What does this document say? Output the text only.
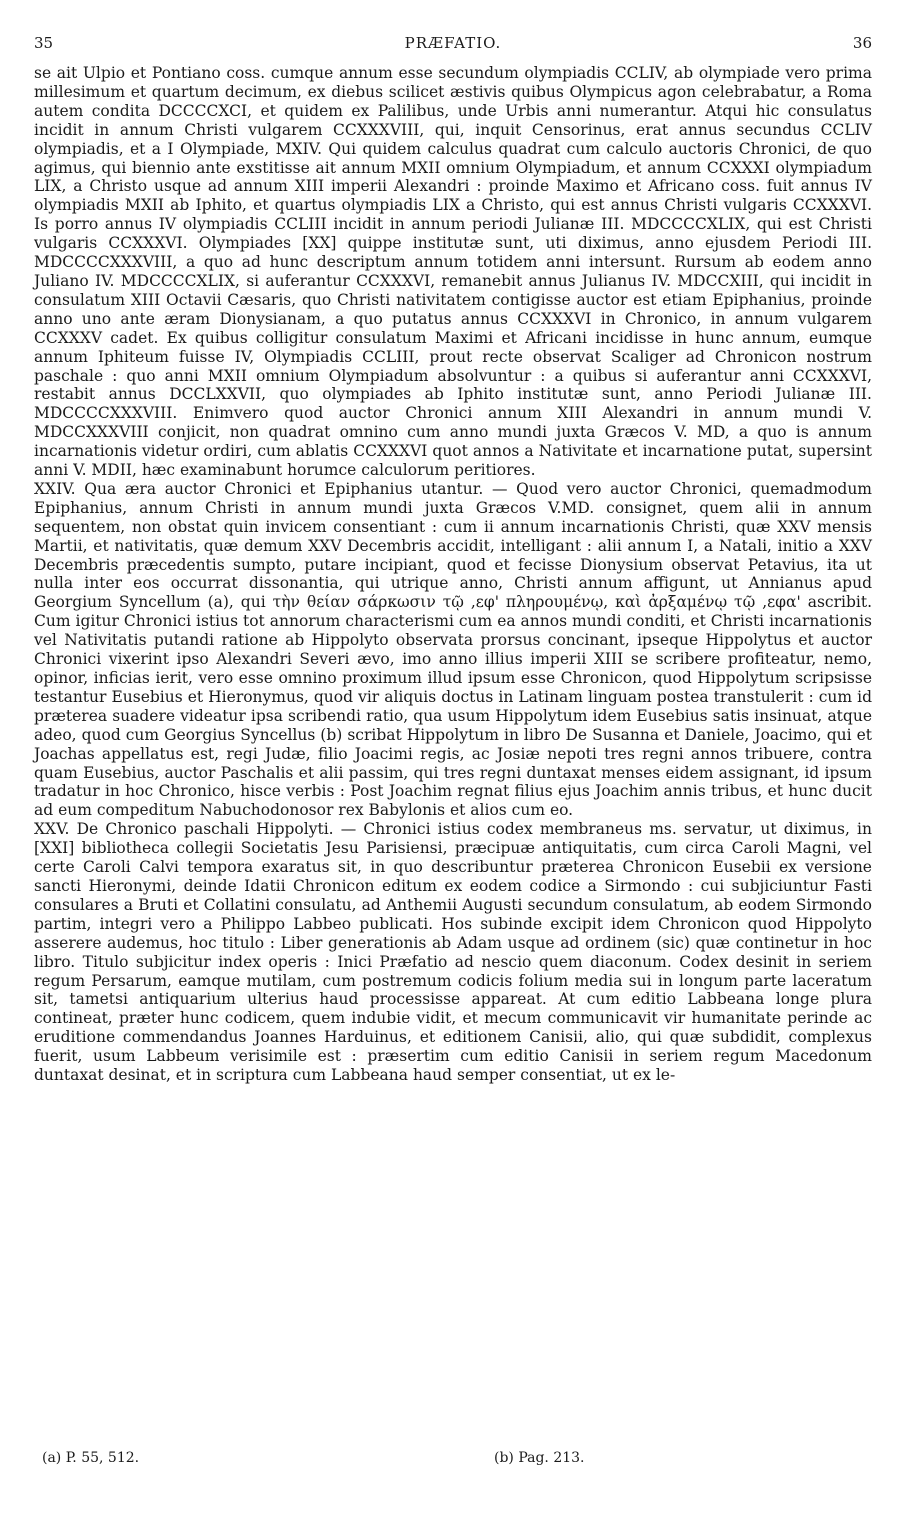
35	PRÆFATIO.	36

se ait Ulpio et Pontiano coss. cumque annum esse secundum olympiadis CCLIV, ab olympiade vero prima millesimum et quartum decimum, ex diebus scilicet æstivis quibus Olympicus agon celebrabatur, a Roma autem condita DCCCCXCI, et quidem ex Palilibus, unde Urbis anni numerantur. Atqui hic consulatus incidit in annum Christi vulgarem CCXXXVIII, qui, inquit Censorinus, erat annus secundus CCLIV olympiadis, et a I Olympiade, MXIV. Qui quidem calculus quadrat cum calculo auctoris Chronici, de quo agimus, qui biennio ante exstitisse ait annum MXII omnium Olympiadum, et annum CCXXXI olympiadum LIX, a Christo usque ad annum XIII imperii Alexandri : proinde Maximo et Africano coss. fuit annus IV olympiadis MXII ab Iphito, et quartus olympiadis LIX a Christo, qui est annus Christi vulgaris CCXXXVI. Is porro annus IV olympiadis CCLIII incidit in annum periodi Julianæ III. MDCCCCXLIX, qui est Christi vulgaris CCXXXVI. Olympiades [XX] quippe institutæ sunt, uti diximus, anno ejusdem Periodi III. MDCCCCXXXVIII, a quo ad hunc descriptum annum totidem anni intersunt. Rursum ab eodem anno Juliano IV. MDCCCCXLIX, si auferantur CCXXXVI, remanebit annus Julianus IV. MDCCXIII, qui incidit in consulatum XIII Octavii Cæsaris, quo Christi nativitatem contigisse auctor est etiam Epiphanius, proinde anno uno ante æram Dionysianam, a quo putatus annus CCXXXVI in Chronico, in annum vulgarem CCXXXV cadet. Ex quibus colligitur consulatum Maximi et Africani incidisse in hunc annum, eumque annum Iphiteum fuisse IV, Olympiadis CCLIII, prout recte observat Scaliger ad Chronicon nostrum paschale : quo anni MXII omnium Olympiadum absolvuntur : a quibus si auferantur anni CCXXXVI, restabit annus DCCLXXVII, quo olympiades ab Iphito institutæ sunt, anno Periodi Julianæ III. MDCCCCXXXVIII. Enimvero quod auctor Chronici annum XIII Alexandri in annum mundi V. MDCCXXXVIII conjicit, non quadrat omnino cum anno mundi juxta Græcos V. MD, a quo is annum incarnationis videtur ordiri, cum ablatis CCXXXVI quot annos a Nativitate et incarnatione putat, supersint anni V. MDII, hæc examinabunt horumce calculorum peritiores.

XXIV. Qua æra auctor Chronici et Epiphanius utantur. — Quod vero auctor Chronici, quemadmodum Epiphanius, annum Christi in annum mundi juxta Græcos V.MD. consignet, quem alii in annum sequentem, non obstat quin invicem consentiant : cum ii annum incarnationis Christi, quæ XXV mensis Martii, et nativitatis, quæ demum XXV Decembris accidit, intelligant : alii annum I, a Natali, initio a XXV Decembris præcedentis sumpto, putare incipiant, quod et fecisse Dionysium observat Petavius, ita ut nulla inter eos occurrat dissonantia, qui utrique anno, Christi annum affigunt, ut Annianus apud Georgium Syncellum (a), qui τὴν θείαν σάρκωσιν τῷ ,εφ' πληρουμένῳ, καὶ ἀρξαμένῳ τῷ ,εφα' ascribit. Cum igitur Chronici istius tot annorum characterismi cum ea annos mundi conditi, et Christi incarnationis vel Nativitatis putandi ratione ab Hippolyto observata prorsus concinant, ipseque Hippolytus et auctor Chronici vixerint ipso Alexandri Severi ævo, imo anno illius imperii XIII se scribere profiteatur, nemo, opinor, inficias ierit, vero esse omnino proximum illud ipsum esse Chronicon, quod Hippolytum scripsisse testantur Eusebius et Hieronymus, quod vir aliquis doctus in Latinam linguam postea transtulerit : cum id præterea suadere videatur ipsa scribendi ratio, qua usum Hippolytum idem Eusebius satis insinuat, atque adeo, quod cum Georgius Syncellus (b) scribat Hippolytum in libro De Susanna et Daniele, Joacimo, qui et Joachas appellatus est, regi Judæ, filio Joacimi regis, ac Josiæ nepoti tres regni annos tribuere, contra quam Eusebius, auctor Paschalis et alii passim, qui tres regni duntaxat menses eidem assignant, id ipsum tradatur in hoc Chronico, hisce verbis : Post Joachim regnat filius ejus Joachim annis tribus, et hunc ducit ad eum compeditum Nabuchodonosor rex Babylonis et alios cum eo.

XXV. De Chronico paschali Hippolyti. — Chronici istius codex membraneus ms. servatur, ut diximus, in [XXI] bibliotheca collegii Societatis Jesu Parisiensi, præcipuæ antiquitatis, cum circa Caroli Magni, vel certe Caroli Calvi tempora exaratus sit, in quo describuntur præterea Chronicon Eusebii ex versione sancti Hieronymi, deinde Idatii Chronicon editum ex eodem codice a Sirmondo : cui subjiciuntur Fasti consulares a Bruti et Collatini consulatu, ad Anthemii Augusti secundum consulatum, ab eodem Sirmondo partim, integri vero a Philippo Labbeo publicati. Hos subinde excipit idem Chronicon quod Hippolyto asserere audemus, hoc titulo : Liber generationis ab Adam usque ad ordinem (sic) quæ continetur in hoc libro. Titulo subjicitur index operis : Inici Præfatio ad nescio quem diaconum. Codex desinit in seriem regum Persarum, eamque mutilam, cum postremum codicis folium media sui in longum parte laceratum sit, tametsi antiquarium ulterius haud processisse appareat. At cum editio Labbeana longe plura contineat, præter hunc codicem, quem indubie vidit, et mecum communicavit vir humanitate perinde ac eruditione commendandus Joannes Harduinus, et editionem Canisii, alio, qui quæ subdidit, complexus fuerit, usum Labbeum verisimile est : præsertim cum editio Canisii in seriem regum Macedonum duntaxat desinat, et in scriptura cum Labbeana haud semper consentiat, ut ex le-

(a) P. 55, 512.	(b) Pag. 213.
